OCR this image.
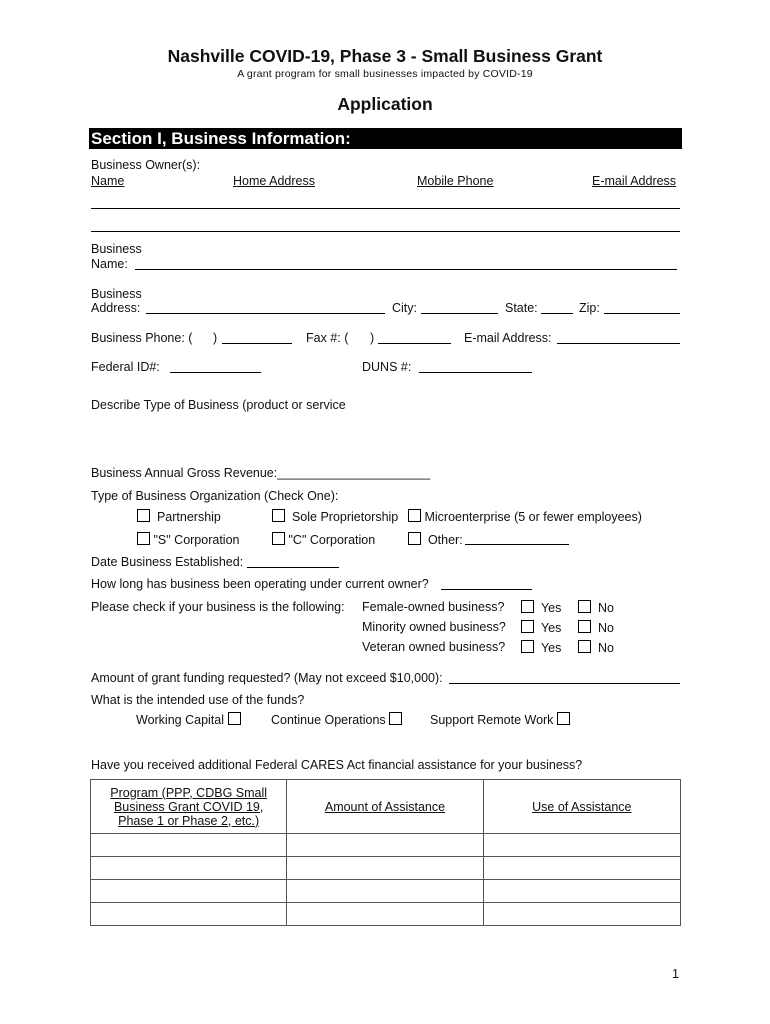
Nashville COVID-19, Phase 3 - Small Business Grant
A grant program for small businesses impacted by COVID-19
Application
Section I, Business Information:
Business Owner(s):
Name	Home Address	Mobile Phone	E-mail Address
Business
Name:
Business
Address:	City:	State:	Zip:
Business Phone: ( )	Fax #: ( )	E-mail Address:
Federal ID#:	DUNS #:
Describe Type of Business (product or service
Business Annual Gross Revenue:______________________
Type of Business Organization (Check One):
Partnership	Sole Proprietorship	Microenterprise (5 or fewer employees)
"S" Corporation	"C" Corporation	Other:
Date Business Established:
How long has business been operating under current owner?
Please check if your business is the following: Female-owned business?	Yes	No
Minority owned business?	Yes	No
Veteran owned business?	Yes	No
Amount of grant funding requested? (May not exceed $10,000):
What is the intended use of the funds?
Working Capital	Continue Operations	Support Remote Work
Have you received additional Federal CARES Act financial assistance for your business?
Program (PPP, CDBG Small
Business Grant COVID 19,
Phase 1 or Phase 2, etc.)	Amount of Assistance	Use of Assistance

1
